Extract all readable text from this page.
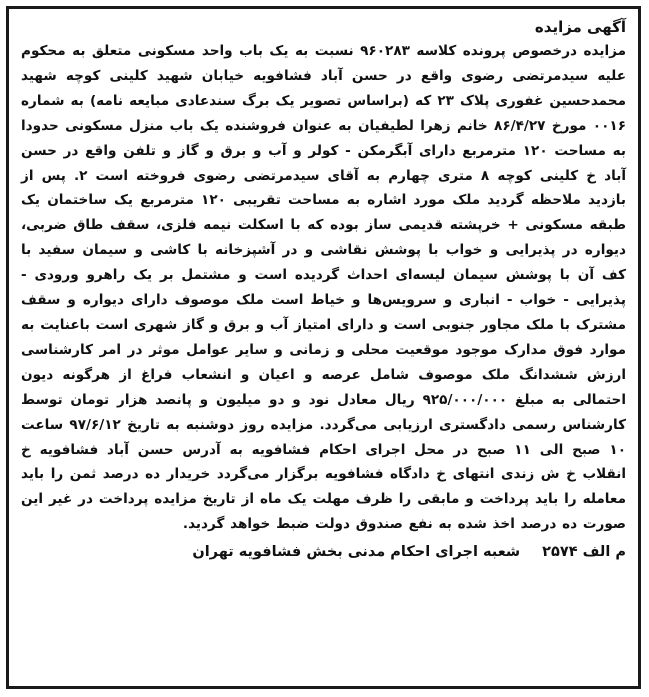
آگهی مزایده

مزایده درخصوص پرونده کلاسه ۹۶۰۲۸۳ نسبت به یک باب واحد مسکونی متعلق به محکوم علیه سیدمرتضی رضوی واقع در حسن آباد فشافویه خیابان شهید کلینی کوچه شهید محمدحسین غفوری پلاک ۲۳ که (براساس تصویر یک برگ سندعادی مبایعه نامه) به شماره ۰۰۱۶ مورخ ۸۶/۴/۲۷ خانم زهرا لطیفیان به عنوان فروشنده یک باب منزل مسکونی حدودا به مساحت ۱۲۰ مترمربع دارای آبگرمکن - کولر و آب و برق و گاز و تلفن واقع در حسن آباد خ کلینی کوچه ۸ متری چهارم به آقای سیدمرتضی رضوی فروخته است ۲. پس از بازدید ملاحظه گردید ملک مورد اشاره به مساحت تقریبی ۱۲۰ مترمربع یک ساختمان یک طبقه مسکونی + خرپشته قدیمی ساز بوده که با اسکلت نیمه فلزی، سقف طاق ضربی، دیواره در پذیرایی و خواب با پوشش نقاشی و در آشپزخانه با کاشی و سیمان سفید با کف آن با پوشش سیمان لیسه‌ای احداث گردیده است و مشتمل بر یک راهرو ورودی - پذیرایی - خواب - انباری و سرویس‌ها و خیاط است ملک موصوف دارای دیواره و سقف مشترک با ملک مجاور جنوبی است و دارای امتیاز آب و برق و گاز شهری است باعنایت به موارد فوق مدارک موجود موقعیت محلی و زمانی و سایر عوامل موثر در امر کارشناسی ارزش ششدانگ ملک موصوف شامل عرصه و اعیان و انشعاب فراغ از هرگونه دیون احتمالی به مبلغ ۹۲۵/۰۰۰/۰۰۰ ریال معادل نود و دو میلیون و پانصد هزار تومان توسط کارشناس رسمی دادگستری ارزیابی می‌گردد. مزایده روز دوشنبه به تاریخ ۹۷/۶/۱۲ ساعت ۱۰ صبح الی ۱۱ صبح در محل اجرای احکام فشافویه به آدرس حسن آباد فشافویه خ انقلاب خ ش زندی انتهای خ دادگاه فشافویه برگزار می‌گردد خریدار ده درصد ثمن را باید معامله را باید پرداخت و مابقی را ظرف مهلت یک ماه از تاریخ مزایده پرداخت در غیر این صورت ده درصد اخذ شده به نفع صندوق دولت ضبط خواهد گردید.

م الف ۲۵۷۴
شعبه اجرای احکام مدنی بخش فشافویه تهران
